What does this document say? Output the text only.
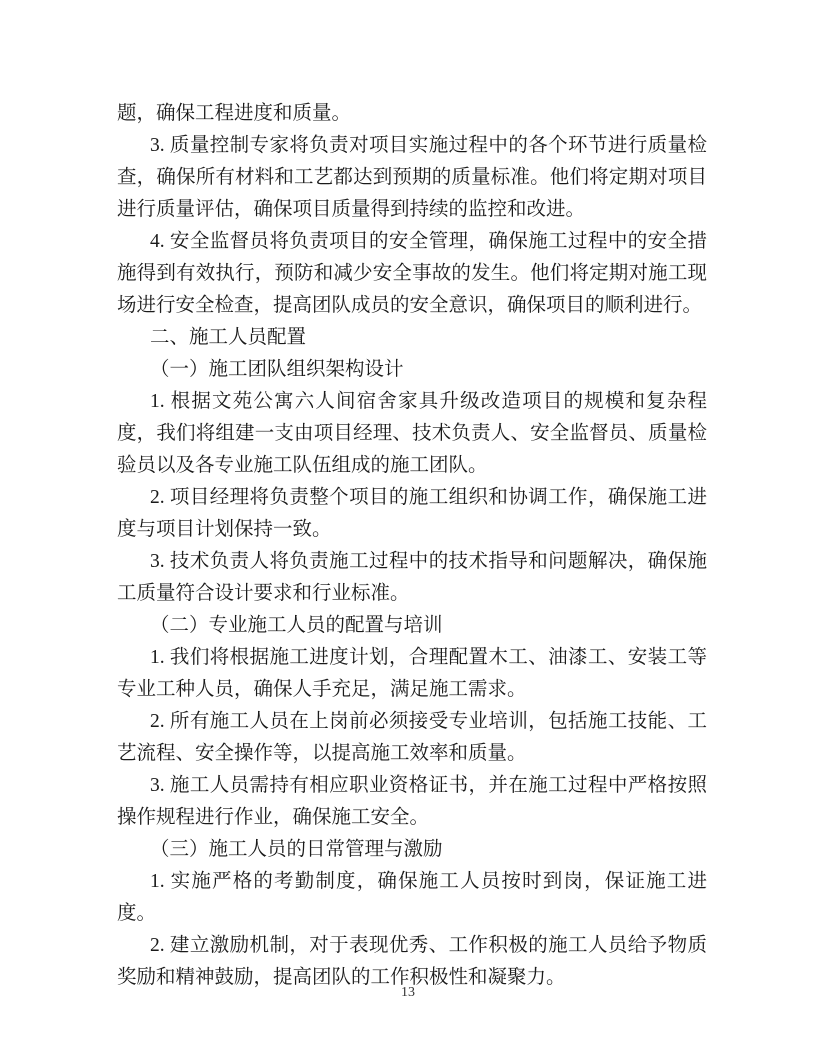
题，确保工程进度和质量。

3. 质量控制专家将负责对项目实施过程中的各个环节进行质量检查，确保所有材料和工艺都达到预期的质量标准。他们将定期对项目进行质量评估，确保项目质量得到持续的监控和改进。

4. 安全监督员将负责项目的安全管理，确保施工过程中的安全措施得到有效执行，预防和减少安全事故的发生。他们将定期对施工现场进行安全检查，提高团队成员的安全意识，确保项目的顺利进行。

二、施工人员配置

（一）施工团队组织架构设计

1. 根据文苑公寓六人间宿舍家具升级改造项目的规模和复杂程度，我们将组建一支由项目经理、技术负责人、安全监督员、质量检验员以及各专业施工队伍组成的施工团队。

2. 项目经理将负责整个项目的施工组织和协调工作，确保施工进度与项目计划保持一致。

3. 技术负责人将负责施工过程中的技术指导和问题解决，确保施工质量符合设计要求和行业标准。

（二）专业施工人员的配置与培训

1. 我们将根据施工进度计划，合理配置木工、油漆工、安装工等专业工种人员，确保人手充足，满足施工需求。

2. 所有施工人员在上岗前必须接受专业培训，包括施工技能、工艺流程、安全操作等，以提高施工效率和质量。

3. 施工人员需持有相应职业资格证书，并在施工过程中严格按照操作规程进行作业，确保施工安全。

（三）施工人员的日常管理与激励

1. 实施严格的考勤制度，确保施工人员按时到岗，保证施工进度。

2. 建立激励机制，对于表现优秀、工作积极的施工人员给予物质奖励和精神鼓励，提高团队的工作积极性和凝聚力。

13
